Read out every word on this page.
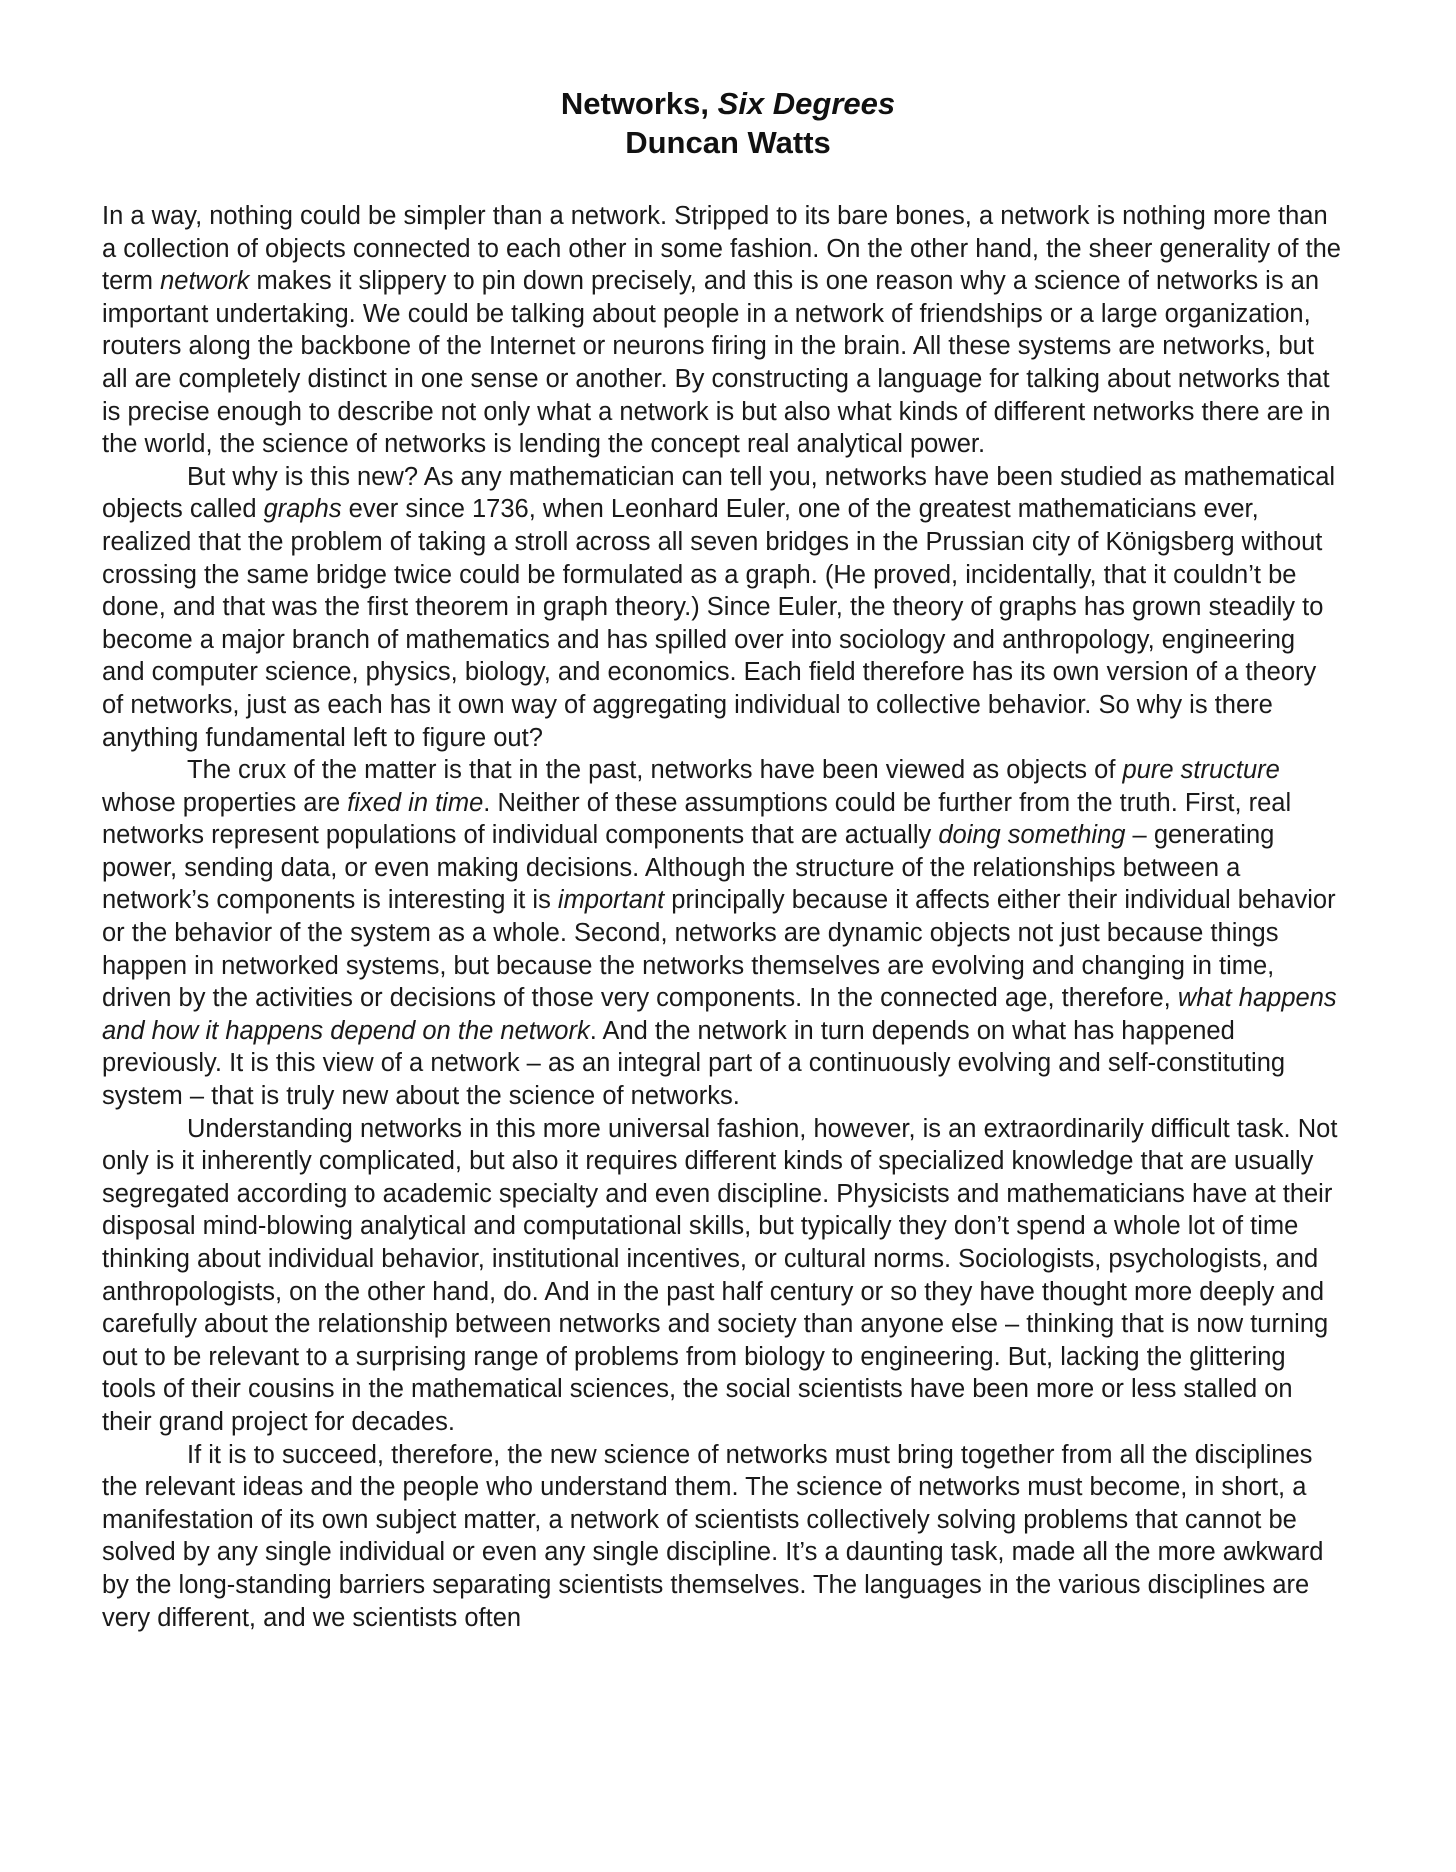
Networks, Six Degrees
Duncan Watts

In a way, nothing could be simpler than a network. Stripped to its bare bones, a network is nothing more than a collection of objects connected to each other in some fashion. On the other hand, the sheer generality of the term network makes it slippery to pin down precisely, and this is one reason why a science of networks is an important undertaking. We could be talking about people in a network of friendships or a large organization, routers along the backbone of the Internet or neurons firing in the brain. All these systems are networks, but all are completely distinct in one sense or another. By constructing a language for talking about networks that is precise enough to describe not only what a network is but also what kinds of different networks there are in the world, the science of networks is lending the concept real analytical power.

But why is this new? As any mathematician can tell you, networks have been studied as mathematical objects called graphs ever since 1736, when Leonhard Euler, one of the greatest mathematicians ever, realized that the problem of taking a stroll across all seven bridges in the Prussian city of Königsberg without crossing the same bridge twice could be formulated as a graph. (He proved, incidentally, that it couldn’t be done, and that was the first theorem in graph theory.) Since Euler, the theory of graphs has grown steadily to become a major branch of mathematics and has spilled over into sociology and anthropology, engineering and computer science, physics, biology, and economics. Each field therefore has its own version of a theory of networks, just as each has it own way of aggregating individual to collective behavior. So why is there anything fundamental left to figure out?

The crux of the matter is that in the past, networks have been viewed as objects of pure structure whose properties are fixed in time. Neither of these assumptions could be further from the truth. First, real networks represent populations of individual components that are actually doing something – generating power, sending data, or even making decisions. Although the structure of the relationships between a network’s components is interesting it is important principally because it affects either their individual behavior or the behavior of the system as a whole. Second, networks are dynamic objects not just because things happen in networked systems, but because the networks themselves are evolving and changing in time, driven by the activities or decisions of those very components. In the connected age, therefore, what happens and how it happens depend on the network. And the network in turn depends on what has happened previously. It is this view of a network – as an integral part of a continuously evolving and self-constituting system – that is truly new about the science of networks.

Understanding networks in this more universal fashion, however, is an extraordinarily difficult task. Not only is it inherently complicated, but also it requires different kinds of specialized knowledge that are usually segregated according to academic specialty and even discipline. Physicists and mathematicians have at their disposal mind-blowing analytical and computational skills, but typically they don’t spend a whole lot of time thinking about individual behavior, institutional incentives, or cultural norms. Sociologists, psychologists, and anthropologists, on the other hand, do. And in the past half century or so they have thought more deeply and carefully about the relationship between networks and society than anyone else – thinking that is now turning out to be relevant to a surprising range of problems from biology to engineering. But, lacking the glittering tools of their cousins in the mathematical sciences, the social scientists have been more or less stalled on their grand project for decades.

If it is to succeed, therefore, the new science of networks must bring together from all the disciplines the relevant ideas and the people who understand them. The science of networks must become, in short, a manifestation of its own subject matter, a network of scientists collectively solving problems that cannot be solved by any single individual or even any single discipline. It’s a daunting task, made all the more awkward by the long-standing barriers separating scientists themselves. The languages in the various disciplines are very different, and we scientists often
